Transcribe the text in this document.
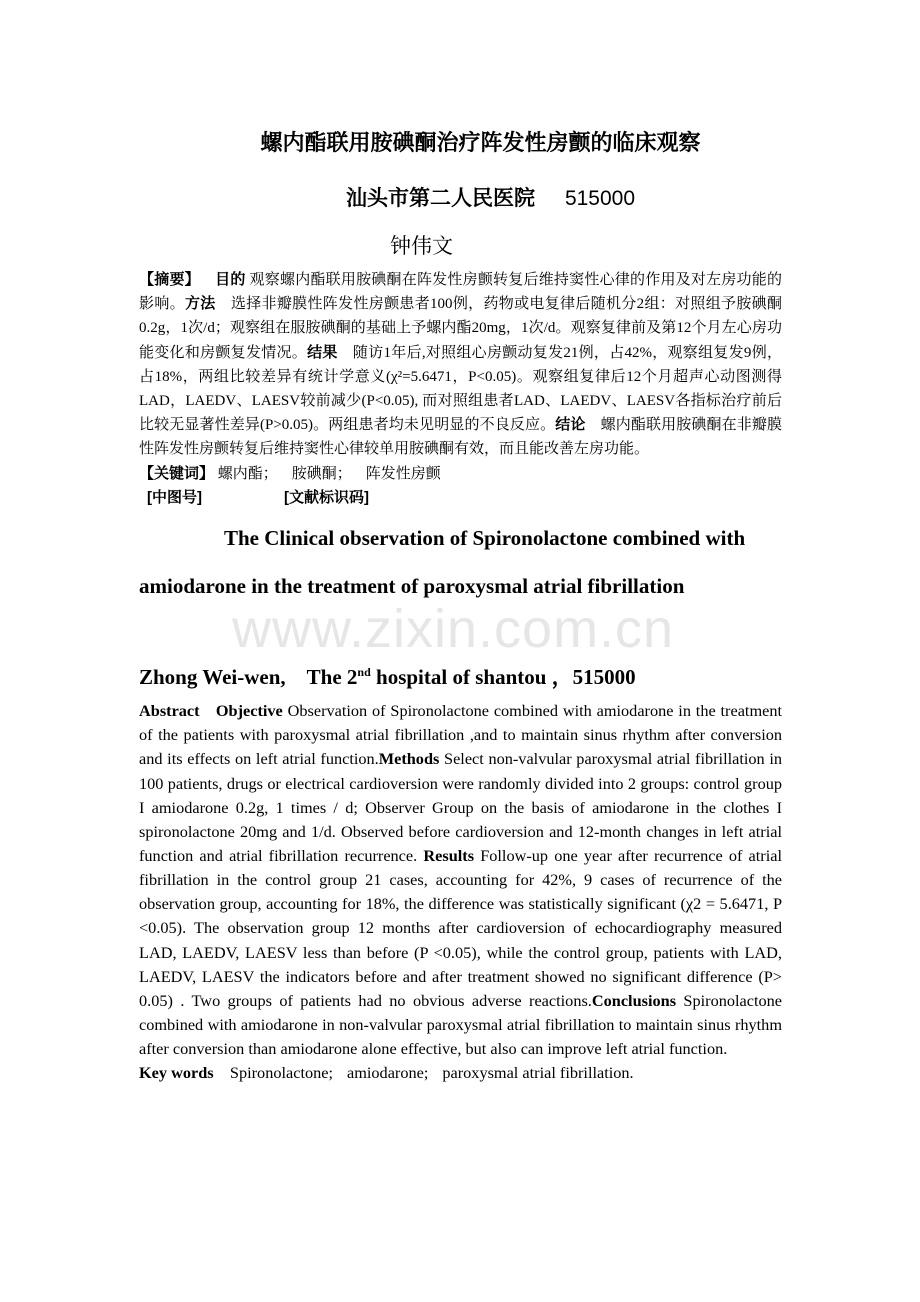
螺内酯联用胺碘酮治疗阵发性房颤的临床观察
汕头市第二人民医院 515000
钟伟文
【摘要】  目的 观察螺内酯联用胺碘酮在阵发性房颤转复后维持窦性心律的作用及对左房功能的影响。方法　选择非瓣膜性阵发性房颤患者100例，药物或电复律后随机分2组：对照组予胺碘酮0.2g，1次/d；观察组在服胺碘酮的基础上予螺内酯20mg，1次/d。观察复律前及第12个月左心房功能变化和房颤复发情况。结果　随访1年后,对照组心房颤动复发21例，占42%，观察组复发9例，占18%，两组比较差异有统计学意义(χ²=5.6471，P<0.05)。观察组复律后12个月超声心动图测得LAD，LAEDV、LAESV较前减少(P<0.05), 而对照组患者LAD、LAEDV、LAESV各指标治疗前后比较无显著性差异(P>0.05)。两组患者均未见明显的不良反应。结论　螺内酯联用胺碘酮在非瓣膜性阵发性房颤转复后维持窦性心律较单用胺碘酮有效，而且能改善左房功能。
【关键词】 螺内酯； 胺碘酮； 阵发性房颤
[中图号]	[文献标识码]
The Clinical observation of Spironolactone combined with
amiodarone in the treatment of paroxysmal atrial fibrillation
www.zixin.com.cn
Zhong Wei-wen,  The 2nd hospital of shantou ，515000
Abstract  Objective Observation of Spironolactone combined with amiodarone in the treatment of the patients with paroxysmal atrial fibrillation ,and to maintain sinus rhythm after conversion and its effects on left atrial function.Methods Select non-valvular paroxysmal atrial fibrillation in 100 patients, drugs or electrical cardioversion were randomly divided into 2 groups: control group I amiodarone 0.2g, 1 times / d; Observer Group on the basis of amiodarone in the clothes I spironolactone 20mg and 1/d. Observed before cardioversion and 12-month changes in left atrial function and atrial fibrillation recurrence. Results Follow-up one year after recurrence of atrial fibrillation in the control group 21 cases, accounting for 42%, 9 cases of recurrence of the observation group, accounting for 18%, the difference was statistically significant (χ2 = 5.6471, P <0.05). The observation group 12 months after cardioversion of echocardiography measured LAD, LAEDV, LAESV less than before (P <0.05), while the control group, patients with LAD, LAEDV, LAESV the indicators before and after treatment showed no significant difference (P> 0.05) . Two groups of patients had no obvious adverse reactions.Conclusions Spironolactone combined with amiodarone in non-valvular paroxysmal atrial fibrillation to maintain sinus rhythm after conversion than amiodarone alone effective, but also can improve left atrial function.
Key words  Spironolactone; amiodarone; paroxysmal atrial fibrillation.
